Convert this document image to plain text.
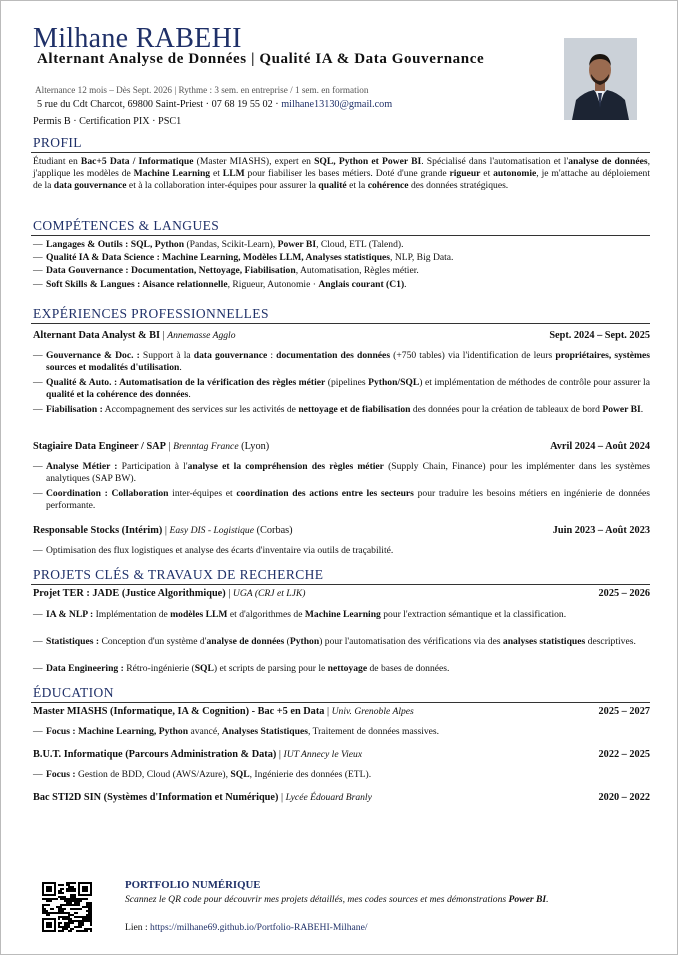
Milhane RABEHI
Alternant Analyse de Données | Qualité IA & Data Gouvernance
Alternance 12 mois – Dès Sept. 2026 | Rythme : 3 sem. en entreprise / 1 sem. en formation
5 rue du Cdt Charcot, 69800 Saint-Priest · 07 68 19 55 02 · milhane13130@gmail.com
Permis B · Certification PIX · PSC1
PROFIL
Étudiant en Bac+5 Data / Informatique (Master MIASHS), expert en SQL, Python et Power BI. Spécialisé dans l'automatisation et l'analyse de données, j'applique les modèles de Machine Learning et LLM pour fiabiliser les bases métiers. Doté d'une grande rigueur et autonomie, je m'attache au déploiement de la data gouvernance et à la collaboration inter-équipes pour assurer la qualité et la cohérence des données stratégiques.
COMPÉTENCES & LANGUES
— Langages & Outils : SQL, Python (Pandas, Scikit-Learn), Power BI, Cloud, ETL (Talend).
— Qualité IA & Data Science : Machine Learning, Modèles LLM, Analyses statistiques, NLP, Big Data.
— Data Gouvernance : Documentation, Nettoyage, Fiabilisation, Automatisation, Règles métier.
— Soft Skills & Langues : Aisance relationnelle, Rigueur, Autonomie · Anglais courant (C1).
EXPÉRIENCES PROFESSIONNELLES
Alternant Data Analyst & BI | Annemasse Agglo	Sept. 2024 – Sept. 2025
— Gouvernance & Doc. : Support à la data gouvernance : documentation des données (+750 tables) via l'identification de leurs propriétaires, systèmes sources et modalités d'utilisation.
— Qualité & Auto. : Automatisation de la vérification des règles métier (pipelines Python/SQL) et implémentation de méthodes de contrôle pour assurer la qualité et la cohérence des données.
— Fiabilisation : Accompagnement des services sur les activités de nettoyage et de fiabilisation des données pour la création de tableaux de bord Power BI.
Stagiaire Data Engineer / SAP | Brenntag France (Lyon)	Avril 2024 – Août 2024
— Analyse Métier : Participation à l'analyse et la compréhension des règles métier (Supply Chain, Finance) pour les implémenter dans les systèmes analytiques (SAP BW).
— Coordination : Collaboration inter-équipes et coordination des actions entre les secteurs pour traduire les besoins métiers en ingénierie de données performante.
Responsable Stocks (Intérim) | Easy DIS - Logistique (Corbas)	Juin 2023 – Août 2023
— Optimisation des flux logistiques et analyse des écarts d'inventaire via outils de traçabilité.
PROJETS CLÉS & TRAVAUX DE RECHERCHE
Projet TER : JADE (Justice Algorithmique) | UGA (CRJ et LJK)	2025 – 2026
— IA & NLP : Implémentation de modèles LLM et d'algorithmes de Machine Learning pour l'extraction sémantique et la classification.
— Statistiques : Conception d'un système d'analyse de données (Python) pour l'automatisation des vérifications via des analyses statistiques descriptives.
— Data Engineering : Rétro-ingénierie (SQL) et scripts de parsing pour le nettoyage de bases de données.
ÉDUCATION
Master MIASHS (Informatique, IA & Cognition) - Bac +5 en Data | Univ. Grenoble Alpes	2025 – 2027
— Focus : Machine Learning, Python avancé, Analyses Statistiques, Traitement de données massives.
B.U.T. Informatique (Parcours Administration & Data) | IUT Annecy le Vieux	2022 – 2025
— Focus : Gestion de BDD, Cloud (AWS/Azure), SQL, Ingénierie des données (ETL).
Bac STI2D SIN (Systèmes d'Information et Numérique) | Lycée Édouard Branly	2020 – 2022
PORTFOLIO NUMÉRIQUE
Scannez le QR code pour découvrir mes projets détaillés, mes codes sources et mes démonstrations Power BI.
Lien : https://milhane69.github.io/Portfolio-RABEHI-Milhane/
